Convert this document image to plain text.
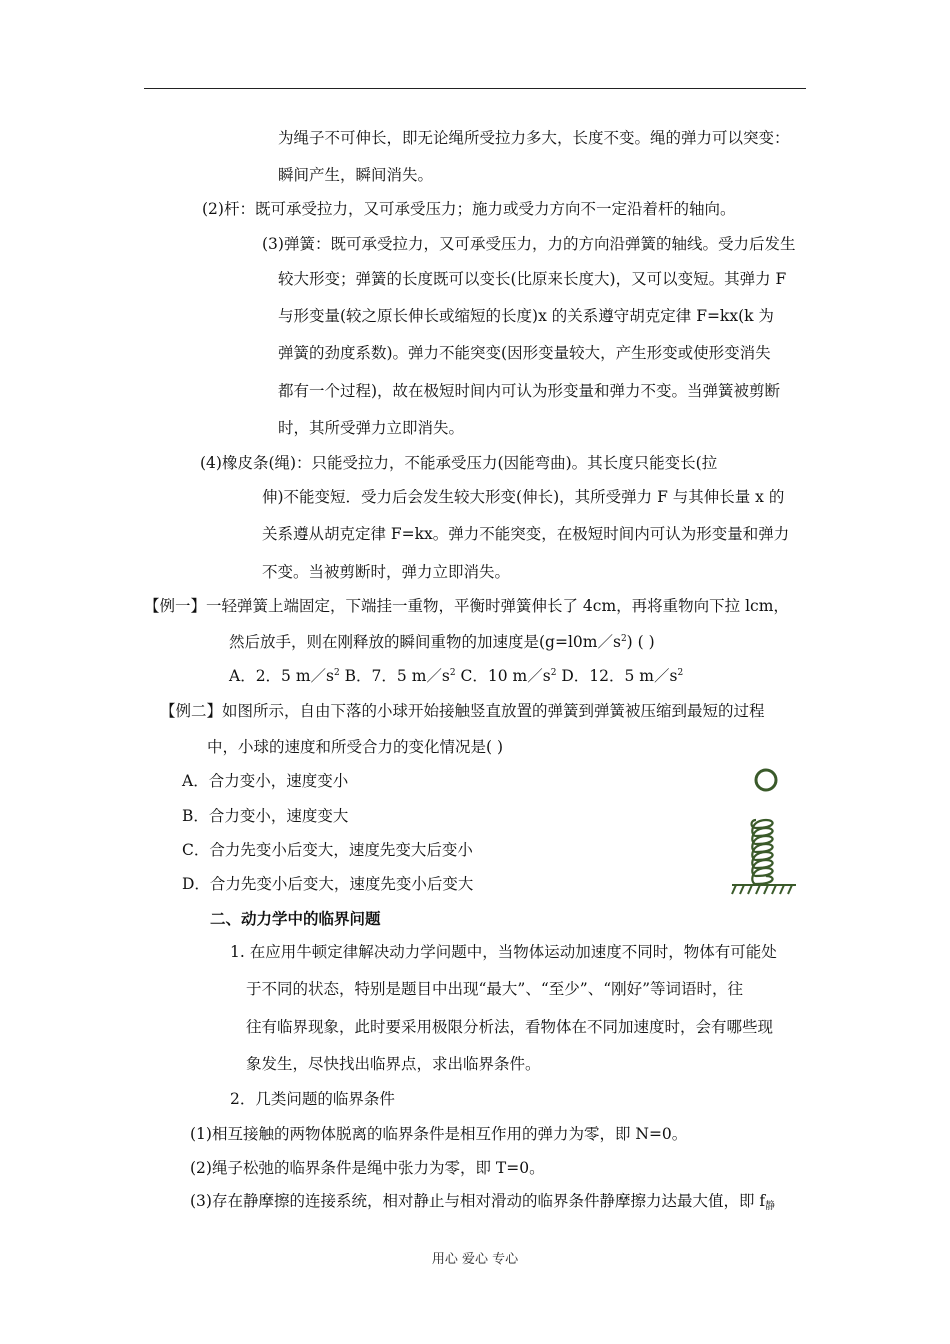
为绳子不可伸长，即无论绳所受拉力多大，长度不变。绳的弹力可以突变：
瞬间产生，瞬间消失。
(2)杆：既可承受拉力，又可承受压力；施力或受力方向不一定沿着杆的轴向。
(3)弹簧：既可承受拉力，又可承受压力，力的方向沿弹簧的轴线。受力后发生
较大形变；弹簧的长度既可以变长(比原来长度大)，又可以变短。其弹力 F
与形变量(较之原长伸长或缩短的长度)x 的关系遵守胡克定律 F=kx(k 为
弹簧的劲度系数)。弹力不能突变(因形变量较大，产生形变或使形变消失
都有一个过程)，故在极短时间内可认为形变量和弹力不变。当弹簧被剪断
时，其所受弹力立即消失。
(4)橡皮条(绳)：只能受拉力，不能承受压力(因能弯曲)。其长度只能变长(拉
伸)不能变短．受力后会发生较大形变(伸长)，其所受弹力 F 与其伸长量 x 的
关系遵从胡克定律 F=kx。弹力不能突变，在极短时间内可认为形变量和弹力
不变。当被剪断时，弹力立即消失。
【例一】一轻弹簧上端固定，下端挂一重物，平衡时弹簧伸长了 4cm，再将重物向下拉 lcm，
然后放手，则在刚释放的瞬间重物的加速度是$(g=l0m/s^2)$ ( )
A．2．5 $m/s^2$ B．7．5 $m/s^2$ C．10 $m/s^2$ D．12．5 $m/s^2$
【例二】如图所示，自由下落的小球开始接触竖直放置的弹簧到弹簧被压缩到最短的过程
中，小球的速度和所受合力的变化情况是( )
A．合力变小，速度变小
B．合力变小，速度变大
C．合力先变小后变大，速度先变大后变小
D．合力先变小后变大，速度先变小后变大
二、动力学中的临界问题
1. 在应用牛顿定律解决动力学问题中，当物体运动加速度不同时，物体有可能处
于不同的状态，特别是题目中出现“最大”、“至少”、“刚好”等词语时，往
往有临界现象，此时要采用极限分析法，看物体在不同加速度时，会有哪些现
象发生，尽快找出临界点，求出临界条件。
2．几类问题的临界条件
(1)相互接触的两物体脱离的临界条件是相互作用的弹力为零，即 N=0。
(2)绳子松弛的临界条件是绳中张力为零，即 T=0。
(3)存在静摩擦的连接系统，相对静止与相对滑动的临界条件静摩擦力达最大值，即 f静
用心 爱心 专心
